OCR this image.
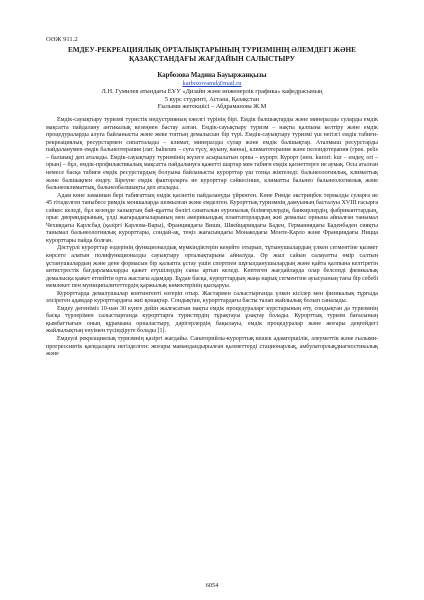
ОӘЖ 911.2
ЕМДЕУ-РЕКРЕАЦИЯЛЫҚ ОРТАЛЫҚТАРЫНЫҢ ТУРИЗМІНІҢ ӘЛЕМДЕГІ ЖӘНЕ ҚАЗАҚСТАНДАҒЫ ЖАҒДАЙЫН САЛЫСТЫРУ
Карбозова Мадина Бауыржанқызы
karbozovamd@mail.ru
Л.Н. Гумилев атындағы ЕҰУ «Дизайн және инженерлік графика» кафедрасының
5 курс студенті, Астана, Қазақстан
Ғылыми жетекшісі – Абдраманова Ж.М

Емдік-сауықтыру туризмі туристік индустрияның ежелгі түрінің бірі. Емдік балшықтарды және минералды суларды емдік мақсатта пайдалану антикалық кезеңнен бастау алған. Емдік-сауықтыру туризм – нақты қалпына келтіру және емдік процедураларды алуға байланысты және жеке топтың демалысын бір түрі. Емдік-сауықтыру туризмі үш негізгі емдік табиғи-рекреациялық ресурстармен сипатталады – климат, минералды сулар және емдік балшықтар. Аталмыш ресурстарды пайдаланумен емдік бальнеотерапия (лат. balneum – суға түсу, жуыну, ванна), климатотерапия және пелоидотерапия (грек. pelis – балшық) деп аталады. Емдік-сауықтыру туризмінің жүзеге асырылатын орны – курорт. Курорт (нем. kurort: kur – емдеу, ort – орын) – бұл, емдік-профилактикалық мақсатта пайдалануға қажетті шартар мен табиғи емдік қасиеттерге ие аумақ. Осы аталған немесе басқа табиғи емдік ресурстардың болуына байланысты курорттар үш топқа жіктеледі: бальнеологиялық, климаттық және балшықпен емдеу. Біреуне емдік факторларға ие курорттар сәйкесінше, климатты бальнео бальнеологиялық және бальнеоклиматтық, бальнеобалшықты деп аталады.

Адам көне заманнан бері табиғаттың емдік қасиетін пайдалануды үйренген. Көне Римде әкстриңбек термалды суларға ие 45 гітаделген таныбесе римдік моншаларда шомылған және емделген. Курорттық туризмнің дамуының басталуы XVIII ғасырға сәйкес келеді, бұл кезеңде халықтың бай-құатты бөлігі санаталын еуропалық білімғерлердің, банкирлердің, фабриканттардың, орыс дворяндарының, үлді жағарадағыларының мен америкындық плантаторлардың жиі демалыс орнына айналған танымал Чехиядағы Карлсбад (қазіргі Карлова-Вары), Франциядағы Виши, Швейцариядағы Баден, Германиядағы Баденбаден сияқты танымал бальнеологиялық курорттары, сондай-ақ, теңіз жағасындағы Монакодағы Монте-Карло және Франциядағы Ницца курорттары пайда болған.

Дәстүрлі курорттар өздерінің функционалдық мүмкіндіктерін кеңейте отырып, тұтынушылардың үлкен сегментіне қызмет көрсете алатын полифункционалды сауықтыру орталықтарына айналуда. Әр жыл сайын салауатты өмір салтын ұстанушылардың және дене формасын бір қалыпта ұстау үшін спортпен шұғылданушылардың және қайта қалпына келтіретін антистрестік бағдарламаларды қажет етушілердің саны артып келеді. Көптеген жағдайларда олар белсенді физикалық демалысқа қажет етпейтін орта жастағы адамдар. Бұдан басқа, курорттардың жаңа нарық сегментіне ауысуының тағы бір себебі мемлекет пен муниципалитеттердің қаржылық көмектерінің қысқаруы.

Курорттарда демалушылар контингенті өзгеріп отыр. Жастармен салыстырғанда үлкен кісілер мен физикалық тұрғыда әлсіреген адамдар курорттардағы жиі қонақтар. Сондықтан, курорттардағы басты талап жайлылық болып саналады.

Емдеу дегеніміз 10-нан 30 күнге дейін жалғасатын нақты емдік процедураларг курстарының өту, сондықтан да туризмнің басқа түрлерімен салыстырғанда курорттарға туристердің тұрақтауы ұзақтау болады. Курорттық туризм бағасының қымбаттығын оның құрамына орналастыру, дәрігерлердің бақылауы, емдік процедуралар және жоғары деңгейдегі жайлылықтың енуімен түсіндіруге болады [1].

Емдеулі рекреациялық туризмнің қазіргі жағдайы. Санаторийлы-курорттық кешек адамгершілік, әлеуметтік және ғылыми-прогрессивтік қағидаларға негізделген: жоғары мамандандырылған қызметтерді стационарлық, амбулаторлықдиагностикалық және

6054
